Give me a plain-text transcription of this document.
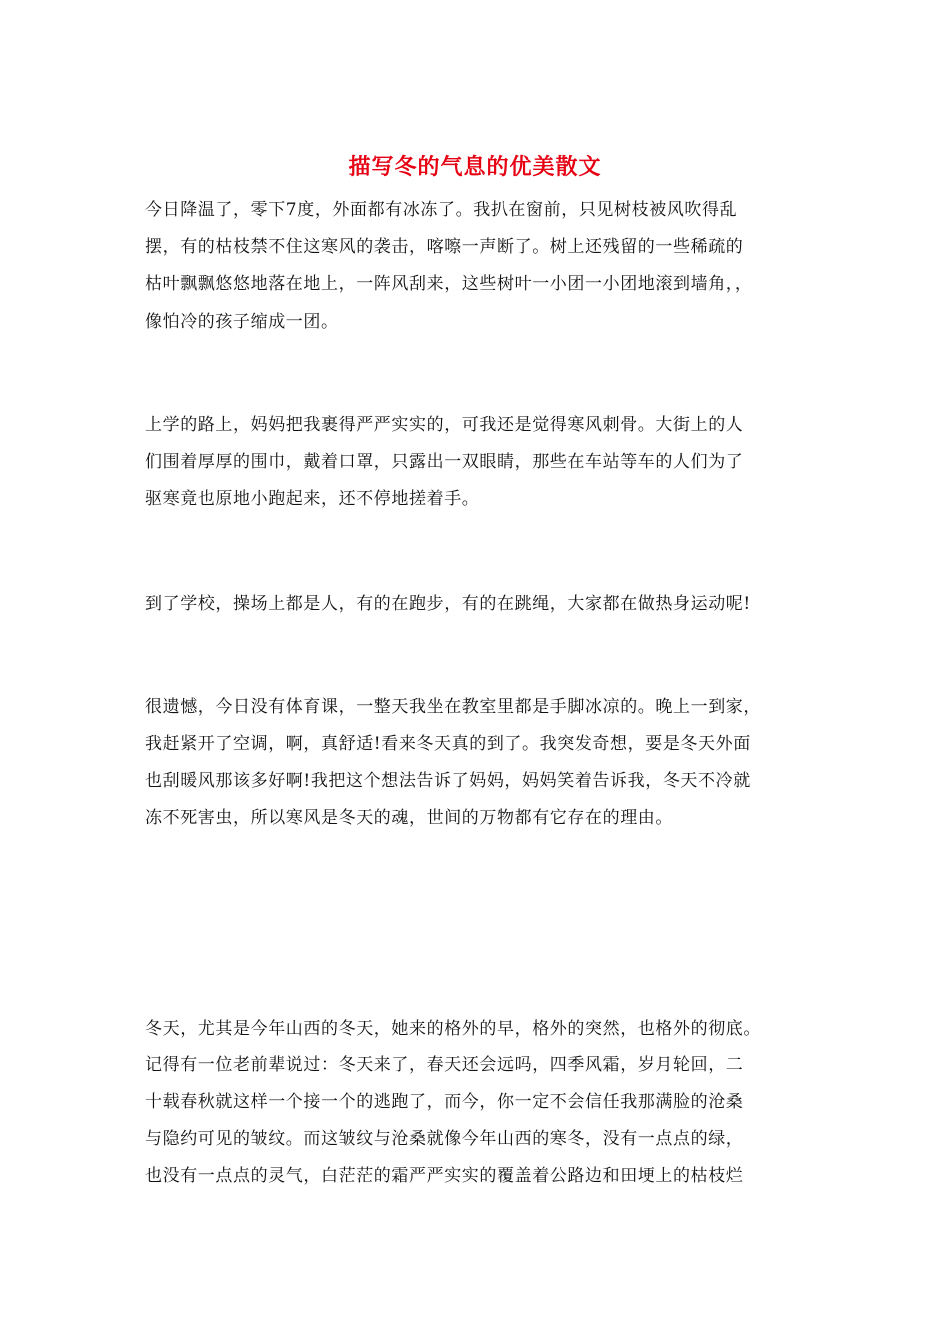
描写冬的气息的优美散文
今日降温了，零下7度，外面都有冰冻了。我扒在窗前，只见树枝被风吹得乱
摆，有的枯枝禁不住这寒风的袭击，喀嚓一声断了。树上还残留的一些稀疏的
枯叶飘飘悠悠地落在地上，一阵风刮来，这些树叶一小团一小团地滚到墙角，，
像怕冷的孩子缩成一团。
上学的路上，妈妈把我裹得严严实实的，可我还是觉得寒风刺骨。大街上的人
们围着厚厚的围巾，戴着口罩，只露出一双眼睛，那些在车站等车的人们为了
驱寒竟也原地小跑起来，还不停地搓着手。
到了学校，操场上都是人，有的在跑步，有的在跳绳，大家都在做热身运动呢!
很遗憾，今日没有体育课，一整天我坐在教室里都是手脚冰凉的。晚上一到家，
我赶紧开了空调，啊，真舒适!看来冬天真的到了。我突发奇想，要是冬天外面
也刮暖风那该多好啊!我把这个想法告诉了妈妈，妈妈笑着告诉我，冬天不冷就
冻不死害虫，所以寒风是冬天的魂，世间的万物都有它存在的理由。
冬天，尤其是今年山西的冬天，她来的格外的早，格外的突然，也格外的彻底。
记得有一位老前辈说过：冬天来了，春天还会远吗，四季风霜，岁月轮回，二
十载春秋就这样一个接一个的逃跑了，而今，你一定不会信任我那满脸的沧桑
与隐约可见的皱纹。而这皱纹与沧桑就像今年山西的寒冬，没有一点点的绿，
也没有一点点的灵气，白茫茫的霜严严实实的覆盖着公路边和田埂上的枯枝烂
